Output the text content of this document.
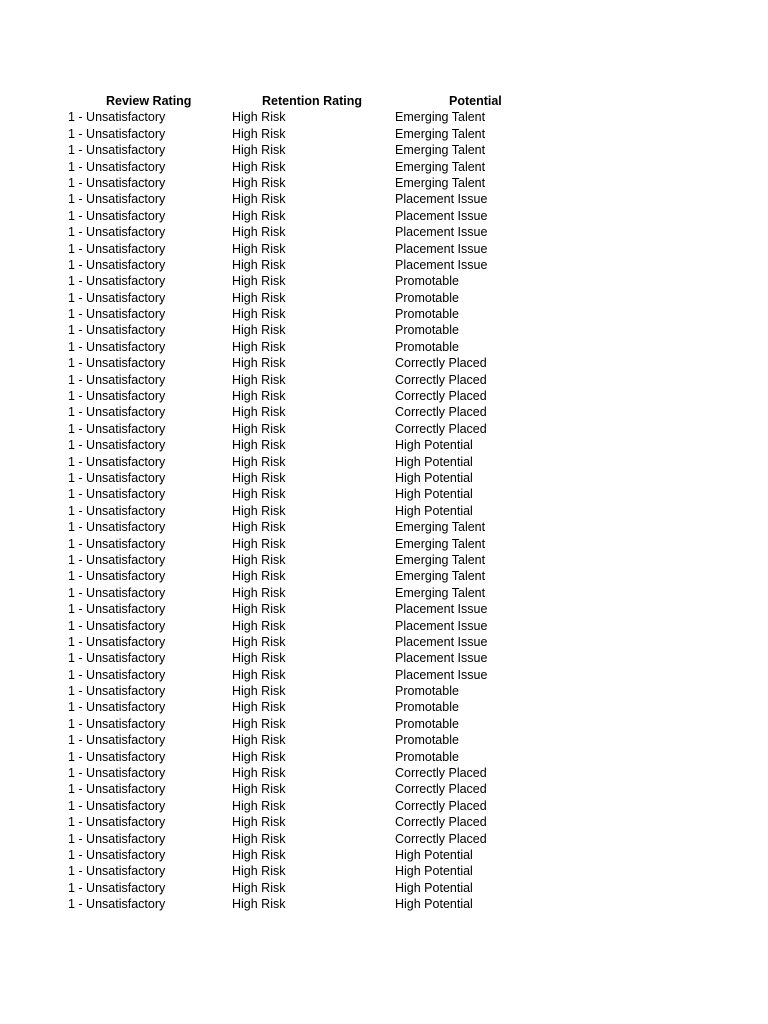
Review Rating	Retention Rating	Potential
1 - Unsatisfactory	High Risk	Emerging Talent
1 - Unsatisfactory	High Risk	Emerging Talent
1 - Unsatisfactory	High Risk	Emerging Talent
1 - Unsatisfactory	High Risk	Emerging Talent
1 - Unsatisfactory	High Risk	Emerging Talent
1 - Unsatisfactory	High Risk	Placement Issue
1 - Unsatisfactory	High Risk	Placement Issue
1 - Unsatisfactory	High Risk	Placement Issue
1 - Unsatisfactory	High Risk	Placement Issue
1 - Unsatisfactory	High Risk	Placement Issue
1 - Unsatisfactory	High Risk	Promotable
1 - Unsatisfactory	High Risk	Promotable
1 - Unsatisfactory	High Risk	Promotable
1 - Unsatisfactory	High Risk	Promotable
1 - Unsatisfactory	High Risk	Promotable
1 - Unsatisfactory	High Risk	Correctly Placed
1 - Unsatisfactory	High Risk	Correctly Placed
1 - Unsatisfactory	High Risk	Correctly Placed
1 - Unsatisfactory	High Risk	Correctly Placed
1 - Unsatisfactory	High Risk	Correctly Placed
1 - Unsatisfactory	High Risk	High Potential
1 - Unsatisfactory	High Risk	High Potential
1 - Unsatisfactory	High Risk	High Potential
1 - Unsatisfactory	High Risk	High Potential
1 - Unsatisfactory	High Risk	High Potential
1 - Unsatisfactory	High Risk	Emerging Talent
1 - Unsatisfactory	High Risk	Emerging Talent
1 - Unsatisfactory	High Risk	Emerging Talent
1 - Unsatisfactory	High Risk	Emerging Talent
1 - Unsatisfactory	High Risk	Emerging Talent
1 - Unsatisfactory	High Risk	Placement Issue
1 - Unsatisfactory	High Risk	Placement Issue
1 - Unsatisfactory	High Risk	Placement Issue
1 - Unsatisfactory	High Risk	Placement Issue
1 - Unsatisfactory	High Risk	Placement Issue
1 - Unsatisfactory	High Risk	Promotable
1 - Unsatisfactory	High Risk	Promotable
1 - Unsatisfactory	High Risk	Promotable
1 - Unsatisfactory	High Risk	Promotable
1 - Unsatisfactory	High Risk	Promotable
1 - Unsatisfactory	High Risk	Correctly Placed
1 - Unsatisfactory	High Risk	Correctly Placed
1 - Unsatisfactory	High Risk	Correctly Placed
1 - Unsatisfactory	High Risk	Correctly Placed
1 - Unsatisfactory	High Risk	Correctly Placed
1 - Unsatisfactory	High Risk	High Potential
1 - Unsatisfactory	High Risk	High Potential
1 - Unsatisfactory	High Risk	High Potential
1 - Unsatisfactory	High Risk	High Potential
